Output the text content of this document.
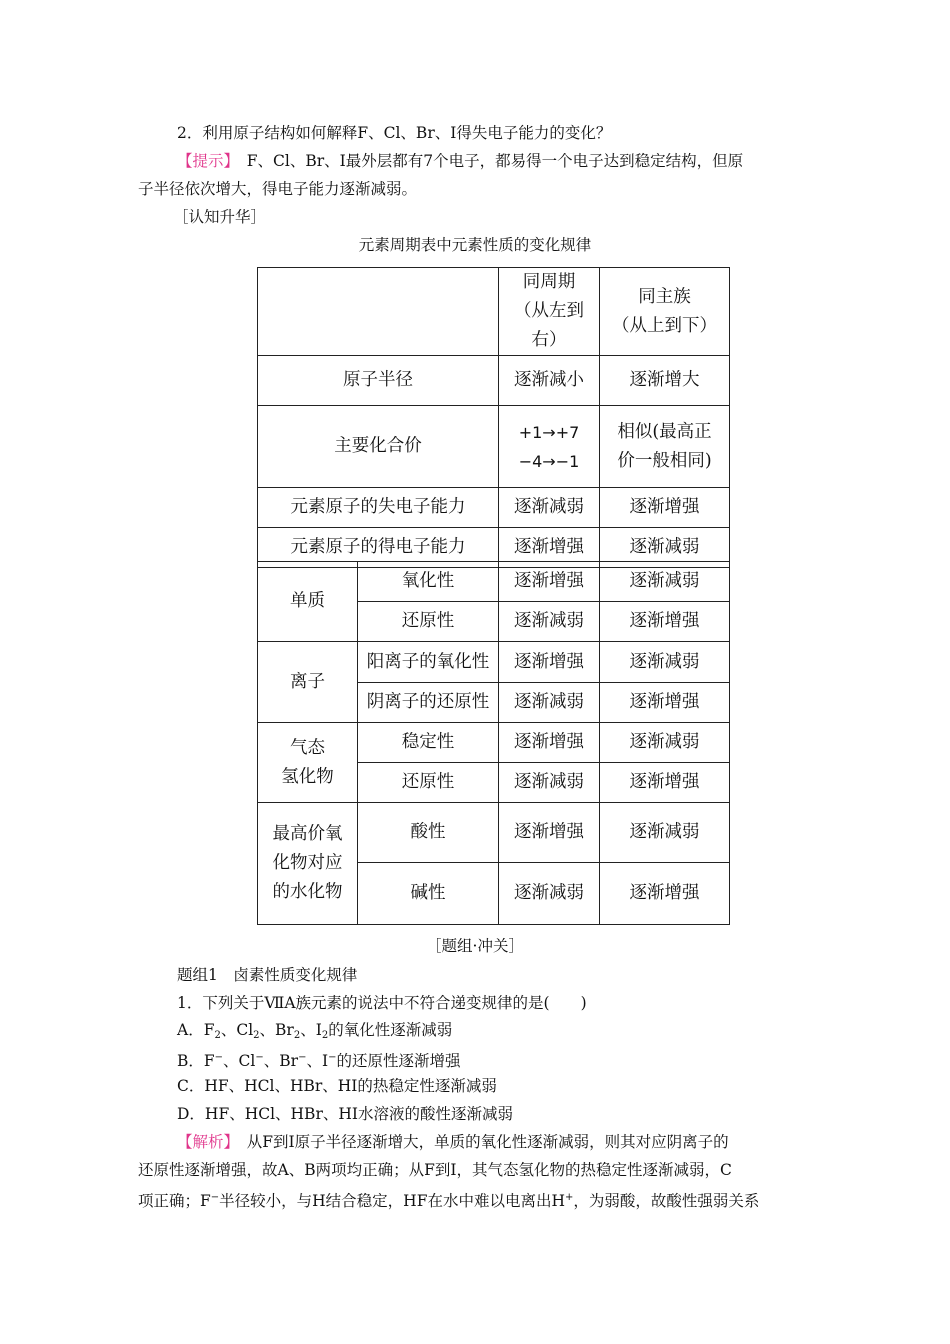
2．利用原子结构如何解释F、Cl、Br、I得失电子能力的变化？
【提示】　F、Cl、Br、I最外层都有7个电子，都易得一个电子达到稳定结构，但原
子半径依次增大，得电子能力逐渐减弱。
［认知升华］
元素周期表中元素性质的变化规律
	同周期
（从左到右）	同主族
（从上到下）
原子半径	逐渐减小	逐渐增大
主要化合价	+1→+7
−4→−1	相似(最高正
价一般相同)
元素原子的失电子能力	逐渐减弱	逐渐增强
元素原子的得电子能力	逐渐增强	逐渐减弱
单质	氧化性	逐渐增强	逐渐减弱
	还原性	逐渐减弱	逐渐增强
离子	阳离子的氧化性	逐渐增强	逐渐减弱
	阴离子的还原性	逐渐减弱	逐渐增强
气态
氢化物	稳定性	逐渐增强	逐渐减弱
	还原性	逐渐减弱	逐渐增强
最高价氧
化物对应
的水化物	酸性	逐渐增强	逐渐减弱
	碱性	逐渐减弱	逐渐增强
［题组·冲关］
题组1　卤素性质变化规律
1．下列关于ⅦA族元素的说法中不符合递变规律的是(　　)
A．$F_2$、$Cl_2$、$Br_2$、$I_2$的氧化性逐渐减弱
B．F−、Cl−、Br−、I−的还原性逐渐增强
C．HF、HCl、HBr、HI的热稳定性逐渐减弱
D．HF、HCl、HBr、HI水溶液的酸性逐渐减弱
【解析】　从F到I原子半径逐渐增大，单质的氧化性逐渐减弱，则其对应阴离子的
还原性逐渐增强，故A、B两项均正确；从F到I，其气态氢化物的热稳定性逐渐减弱，C
项正确；F−半径较小，与H结合稳定，HF在水中难以电离出H+，为弱酸，故酸性强弱关系
